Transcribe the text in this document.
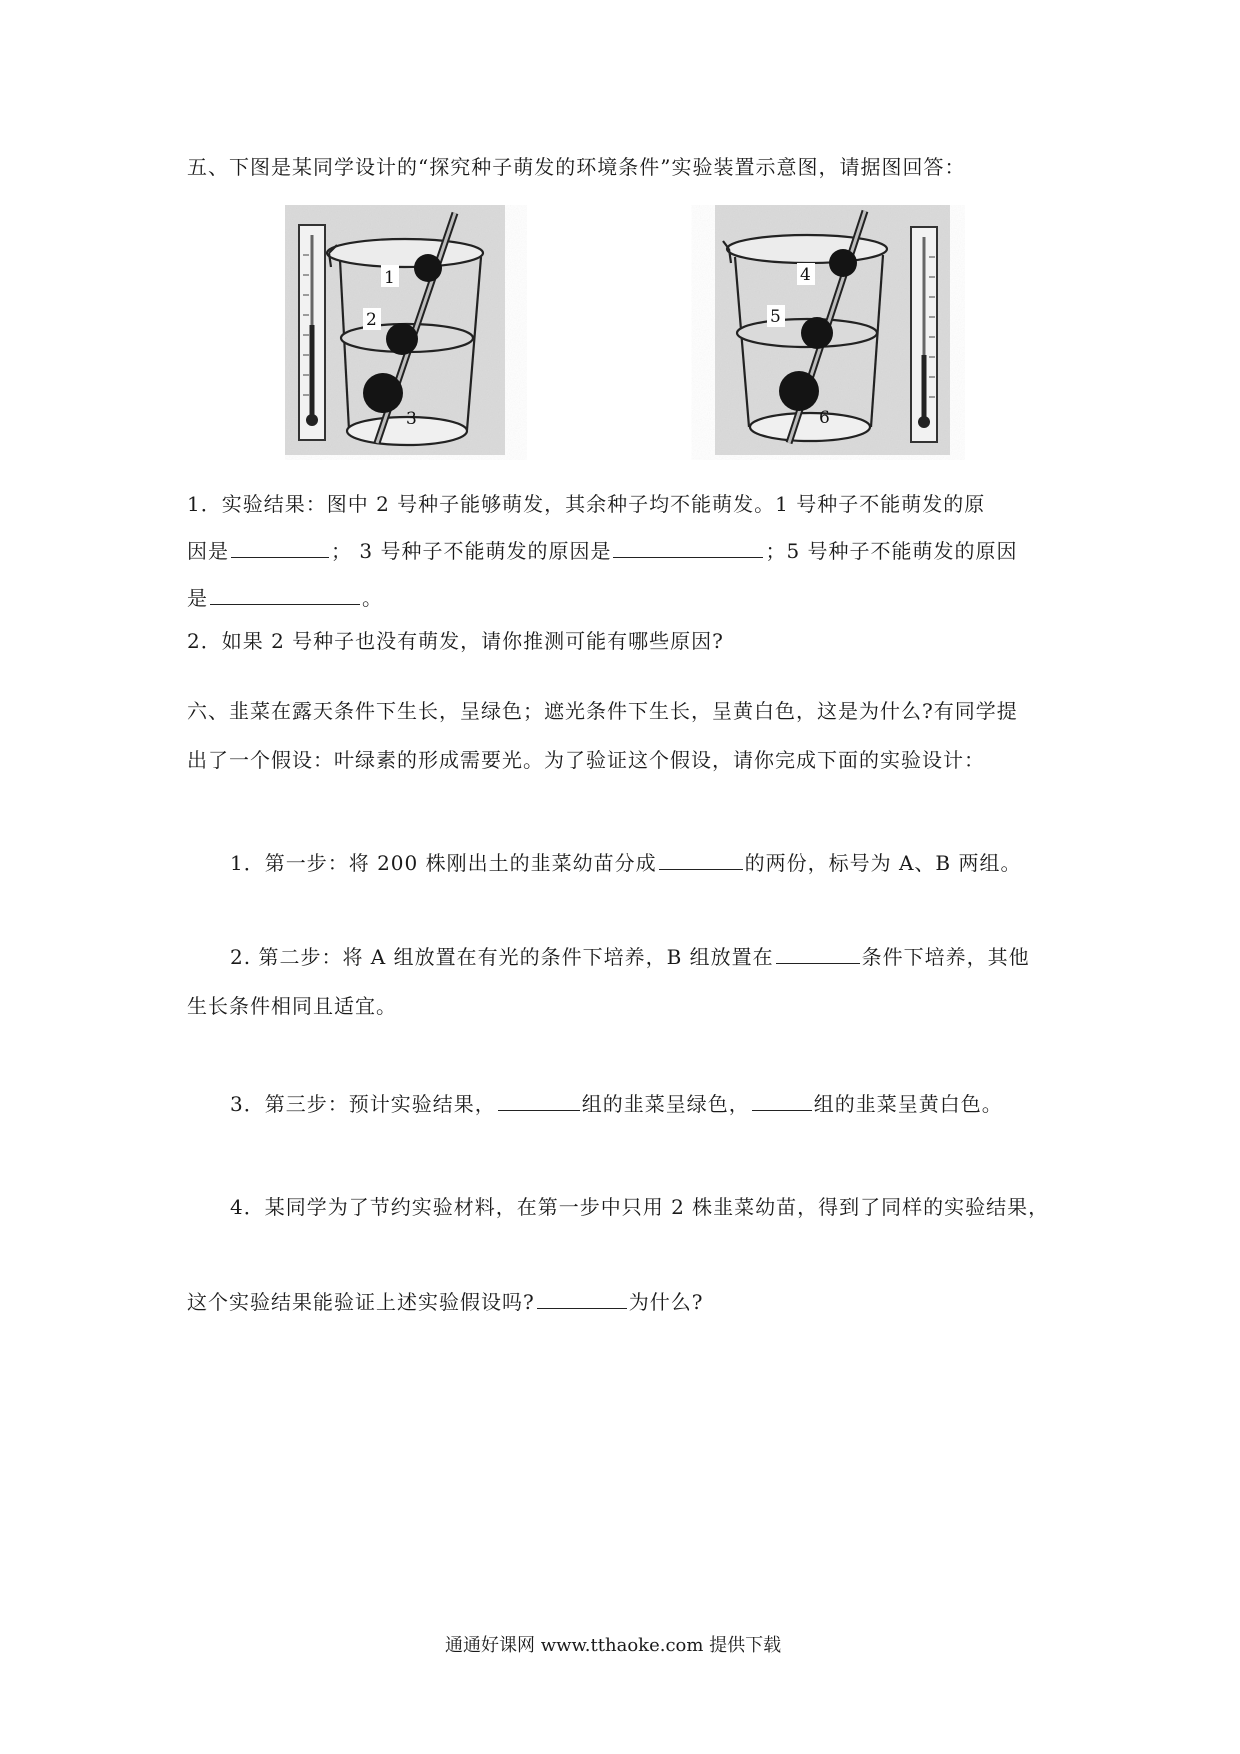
五、下图是某同学设计的“探究种子萌发的环境条件”实验装置示意图，请据图回答：
1
2
3
4
5
6
1．实验结果：图中 2 号种子能够萌发，其余种子均不能萌发。1 号种子不能萌发的原
因是	； 3 号种子不能萌发的原因是	；5 号种子不能萌发的原因
是	。
2．如果 2 号种子也没有萌发，请你推测可能有哪些原因?
六、韭菜在露天条件下生长，呈绿色；遮光条件下生长，呈黄白色，这是为什么?有同学提
出了一个假设：叶绿素的形成需要光。为了验证这个假设，请你完成下面的实验设计：
1．第一步：将 200 株刚出土的韭菜幼苗分成	的两份，标号为 A、B 两组。
2. 第二步：将 A 组放置在有光的条件下培养，B 组放置在	条件下培养，其他
生长条件相同且适宜。
3．第三步：预计实验结果，	组的韭菜呈绿色，	组的韭菜呈黄白色。
4．某同学为了节约实验材料，在第一步中只用 2 株韭菜幼苗，得到了同样的实验结果，
这个实验结果能验证上述实验假设吗?	为什么?
通通好课网 www.tthaoke.com 提供下载
